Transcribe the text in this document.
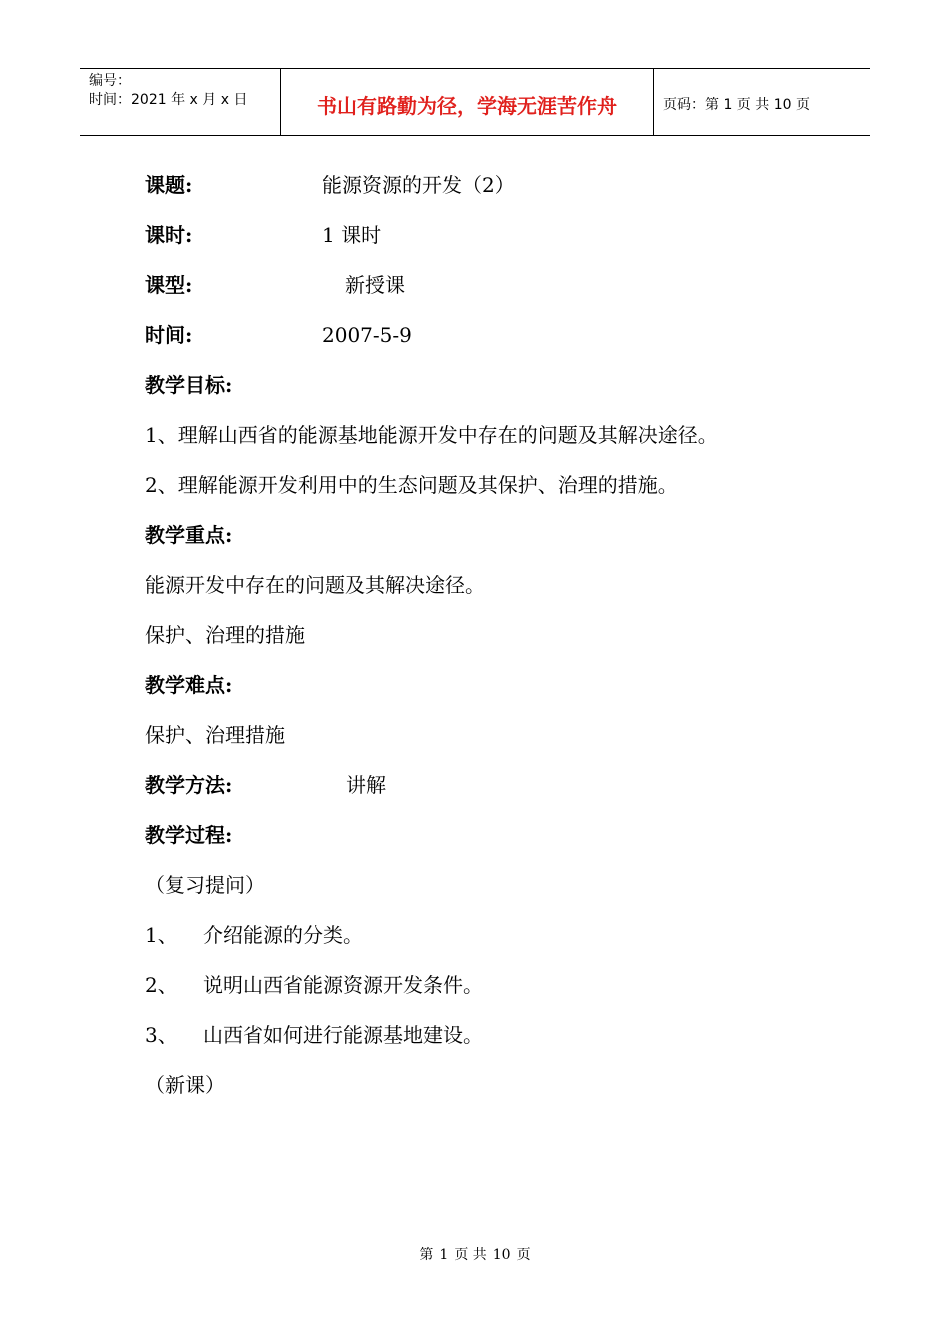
编号：
时间：2021 年 x 月 x 日	书山有路勤为径，学海无涯苦作舟	页码：第 1 页 共 10 页
课题:	能源资源的开发（2）
课时:	1 课时
课型:	新授课
时间:	2007-5-9
教学目标:
1、理解山西省的能源基地能源开发中存在的问题及其解决途径。
2、理解能源开发利用中的生态问题及其保护、治理的措施。
教学重点:
能源开发中存在的问题及其解决途径。
保护、治理的措施
教学难点:
保护、治理措施
教学方法:	讲解
教学过程:
（复习提问）
1、 介绍能源的分类。
2、 说明山西省能源资源开发条件。
3、 山西省如何进行能源基地建设。
（新课）
第 1 页 共 10 页
